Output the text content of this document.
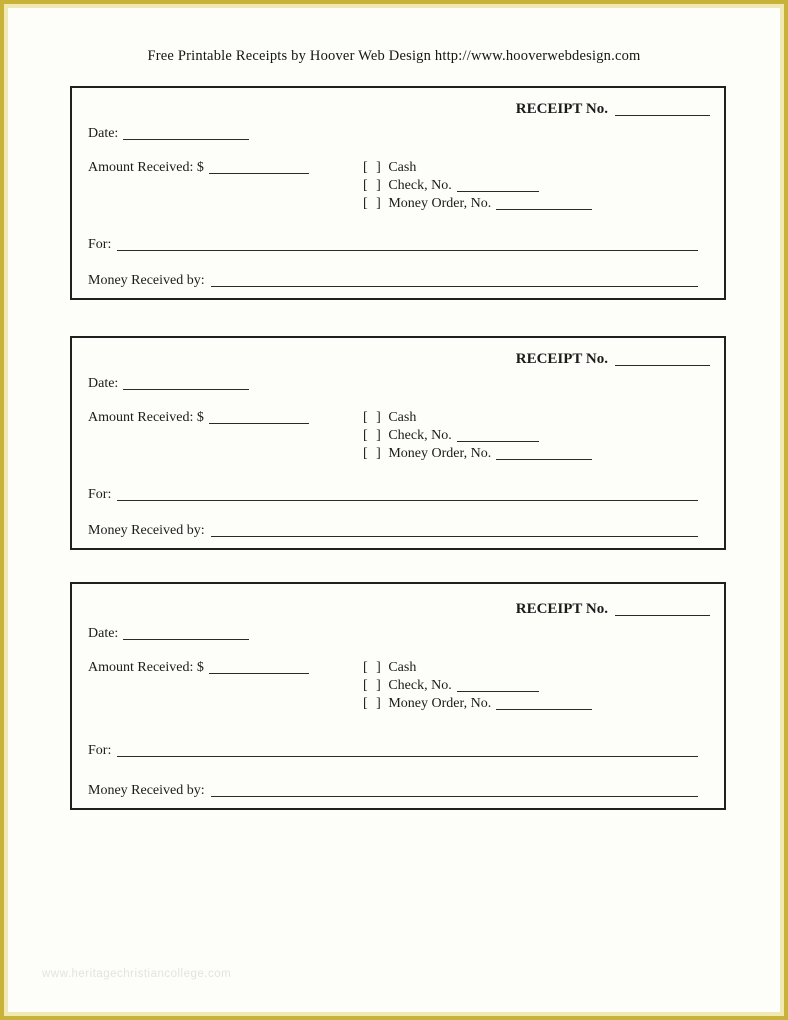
Free Printable Receipts by Hoover Web Design http://www.hooverwebdesign.com
RECEIPT No.
Date:
Amount Received: $	[ ] Cash
[ ] Check, No.
[ ] Money Order, No.
For:
Money Received by:
RECEIPT No.
Date:
Amount Received: $	[ ] Cash
[ ] Check, No.
[ ] Money Order, No.
For:
Money Received by:
RECEIPT No.
Date:
Amount Received: $	[ ] Cash
[ ] Check, No.
[ ] Money Order, No.
For:
Money Received by:
www.heritagechristiancollege.com
